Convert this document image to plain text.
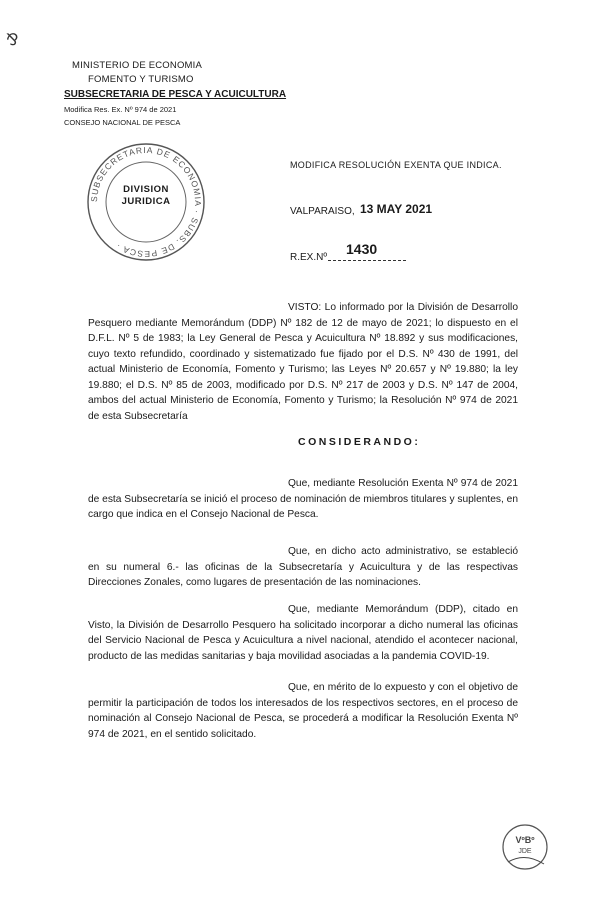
⅋
MINISTERIO DE ECONOMIA
FOMENTO Y TURISMO
SUBSECRETARIA DE PESCA Y ACUICULTURA
Modifica Res. Ex. Nº 974 de 2021
CONSEJO NACIONAL DE PESCA
SUBSECRETARIA DE ECONOMIA · SUBS. DE PESCA ·
DIVISION
JURIDICA
MODIFICA RESOLUCIÓN EXENTA QUE INDICA.
VALPARAISO, 13 MAY 2021
R.EX.Nº
1430
VISTO: Lo informado por la División de Desarrollo Pesquero mediante Memorándum (DDP) Nº 182 de 12 de mayo de 2021; lo dispuesto en el D.F.L. Nº 5 de 1983; la Ley General de Pesca y Acuicultura Nº 18.892 y sus modificaciones, cuyo texto refundido, coordinado y sistematizado fue fijado por el D.S. Nº 430 de 1991, del actual Ministerio de Economía, Fomento y Turismo; las Leyes Nº 20.657 y Nº 19.880; la ley 19.880; el D.S. Nº 85 de 2003, modificado por D.S. Nº 217 de 2003 y D.S. Nº 147 de 2004, ambos del actual Ministerio de Economía, Fomento y Turismo; la Resolución Nº 974 de 2021 de esta Subsecretaría
CONSIDERANDO:
Que, mediante Resolución Exenta Nº 974 de 2021 de esta Subsecretaría se inició el proceso de nominación de miembros titulares y suplentes, en cargo que indica en el Consejo Nacional de Pesca.
Que, en dicho acto administrativo, se estableció en su numeral 6.- las oficinas de la Subsecretaría y Acuicultura y de las respectivas Direcciones Zonales, como lugares de presentación de las nominaciones.
Que, mediante Memorándum (DDP), citado en Visto, la División de Desarrollo Pesquero ha solicitado incorporar a dicho numeral las oficinas del Servicio Nacional de Pesca y Acuicultura a nivel nacional, atendido el acontecer nacional, producto de las medidas sanitarias y baja movilidad asociadas a la pandemia COVID-19.
Que, en mérito de lo expuesto y con el objetivo de permitir la participación de todos los interesados de los respectivos sectores, en el proceso de nominación al Consejo Nacional de Pesca, se procederá a modificar la Resolución Exenta Nº 974 de 2021, en el sentido solicitado.
VºBº
JDE
